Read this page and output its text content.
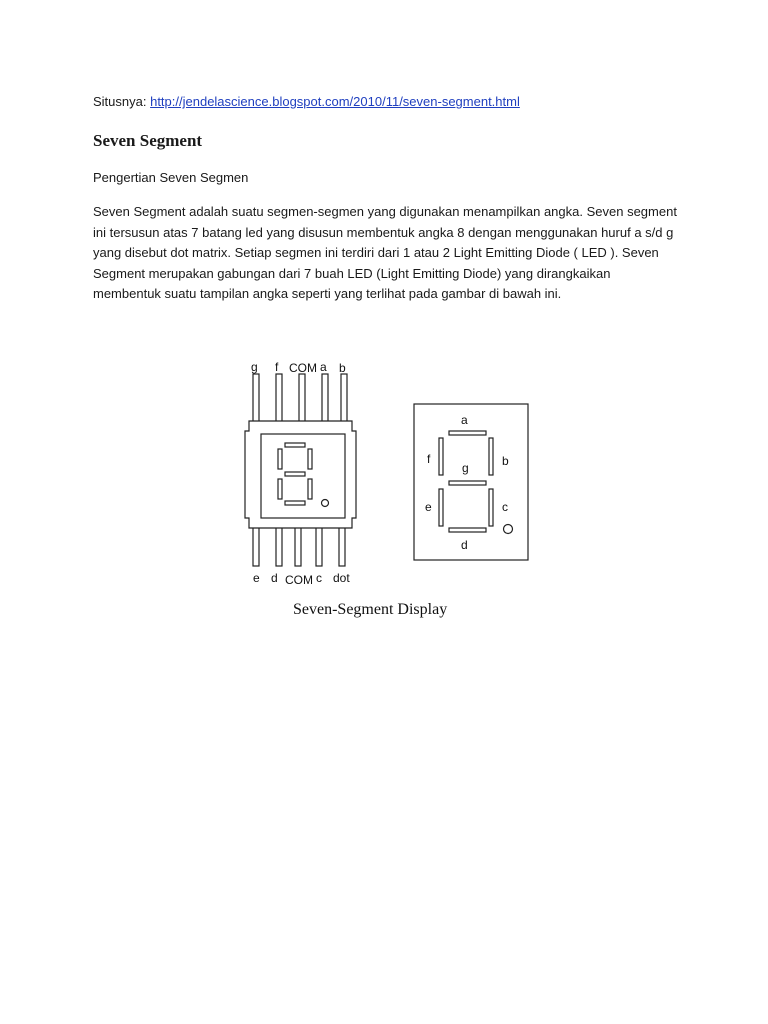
Situsnya: http://jendelascience.blogspot.com/2010/11/seven-segment.html
Seven Segment
Pengertian Seven Segmen
Seven Segment adalah suatu segmen-segmen yang digunakan menampilkan angka. Seven segment
ini tersusun atas 7 batang led yang disusun membentuk angka 8 dengan menggunakan huruf a s/d g
yang disebut dot matrix. Setiap segmen ini terdiri dari 1 atau 2 Light Emitting Diode ( LED ). Seven
Segment merupakan gabungan dari 7 buah LED (Light Emitting Diode) yang dirangkaikan
membentuk suatu tampilan angka seperti yang terlihat pada gambar di bawah ini.
g f COM a b
e d COM c dot
a
b
c
d
e
f
g
Seven-Segment Display
